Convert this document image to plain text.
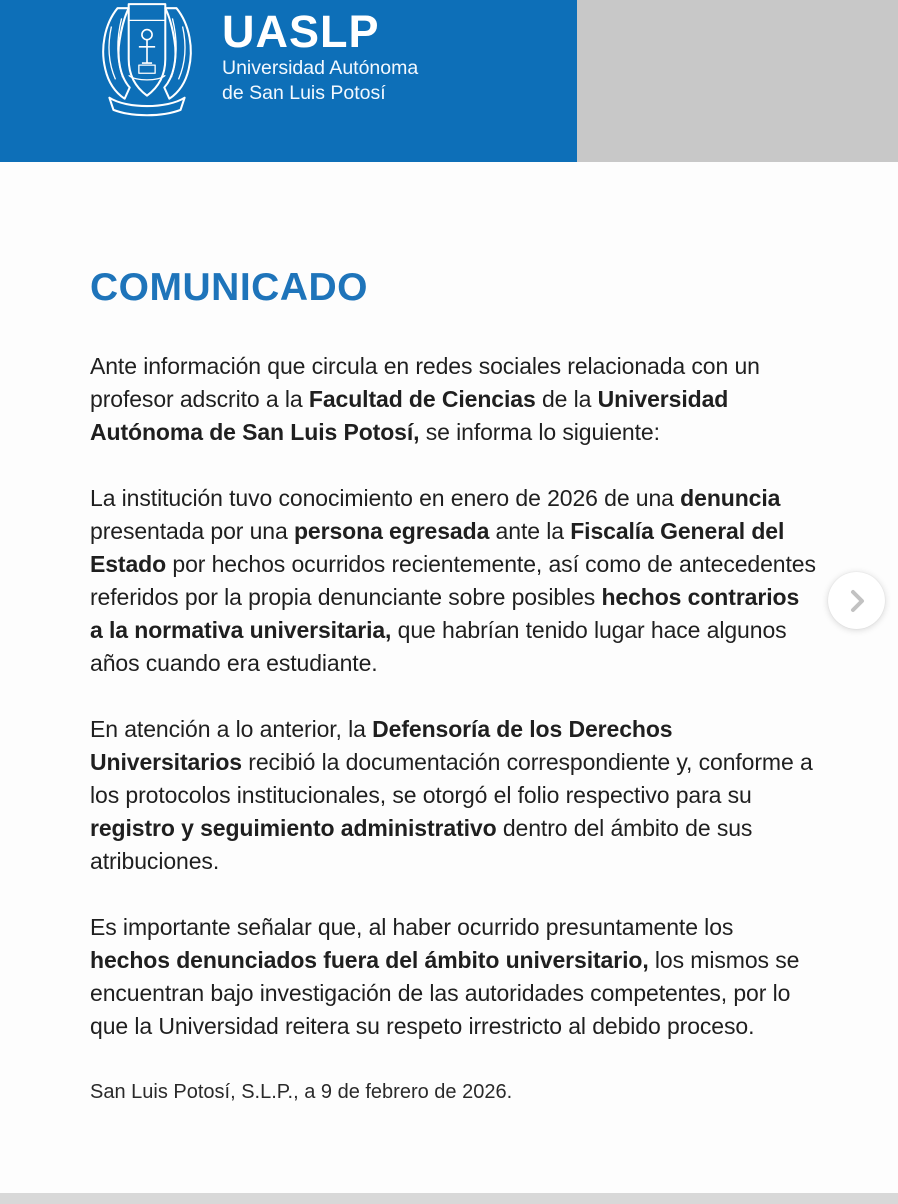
UASLP
Universidad Autónoma
de San Luis Potosí
COMUNICADO

Ante información que circula en redes sociales relacionada con un profesor adscrito a la Facultad de Ciencias de la Universidad Autónoma de San Luis Potosí, se informa lo siguiente:

La institución tuvo conocimiento en enero de 2026 de una denuncia presentada por una persona egresada ante la Fiscalía General del Estado por hechos ocurridos recientemente, así como de antecedentes referidos por la propia denunciante sobre posibles hechos contrarios a la normativa universitaria, que habrían tenido lugar hace algunos años cuando era estudiante.

En atención a lo anterior, la Defensoría de los Derechos Universitarios recibió la documentación correspondiente y, conforme a los protocolos institucionales, se otorgó el folio respectivo para su registro y seguimiento administrativo dentro del ámbito de sus atribuciones.

Es importante señalar que, al haber ocurrido presuntamente los hechos denunciados fuera del ámbito universitario, los mismos se encuentran bajo investigación de las autoridades competentes, por lo que la Universidad reitera su respeto irrestricto al debido proceso.

San Luis Potosí, S.L.P., a 9 de febrero de 2026.
